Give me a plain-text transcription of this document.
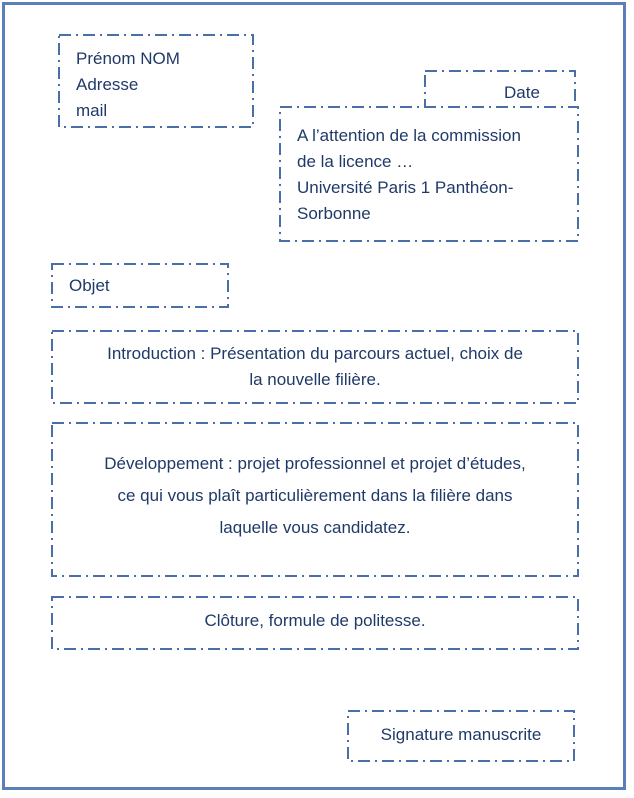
Prénom NOM
Adresse
mail
Date
A l’attention de la commission
de la licence …
Université Paris 1 Panthéon-
Sorbonne
Objet
Introduction : Présentation du parcours actuel, choix de
la nouvelle filière.
Développement : projet professionnel et projet d’études,
ce qui vous plaît particulièrement dans la filière dans
laquelle vous candidatez.
Clôture, formule de politesse.
Signature manuscrite
